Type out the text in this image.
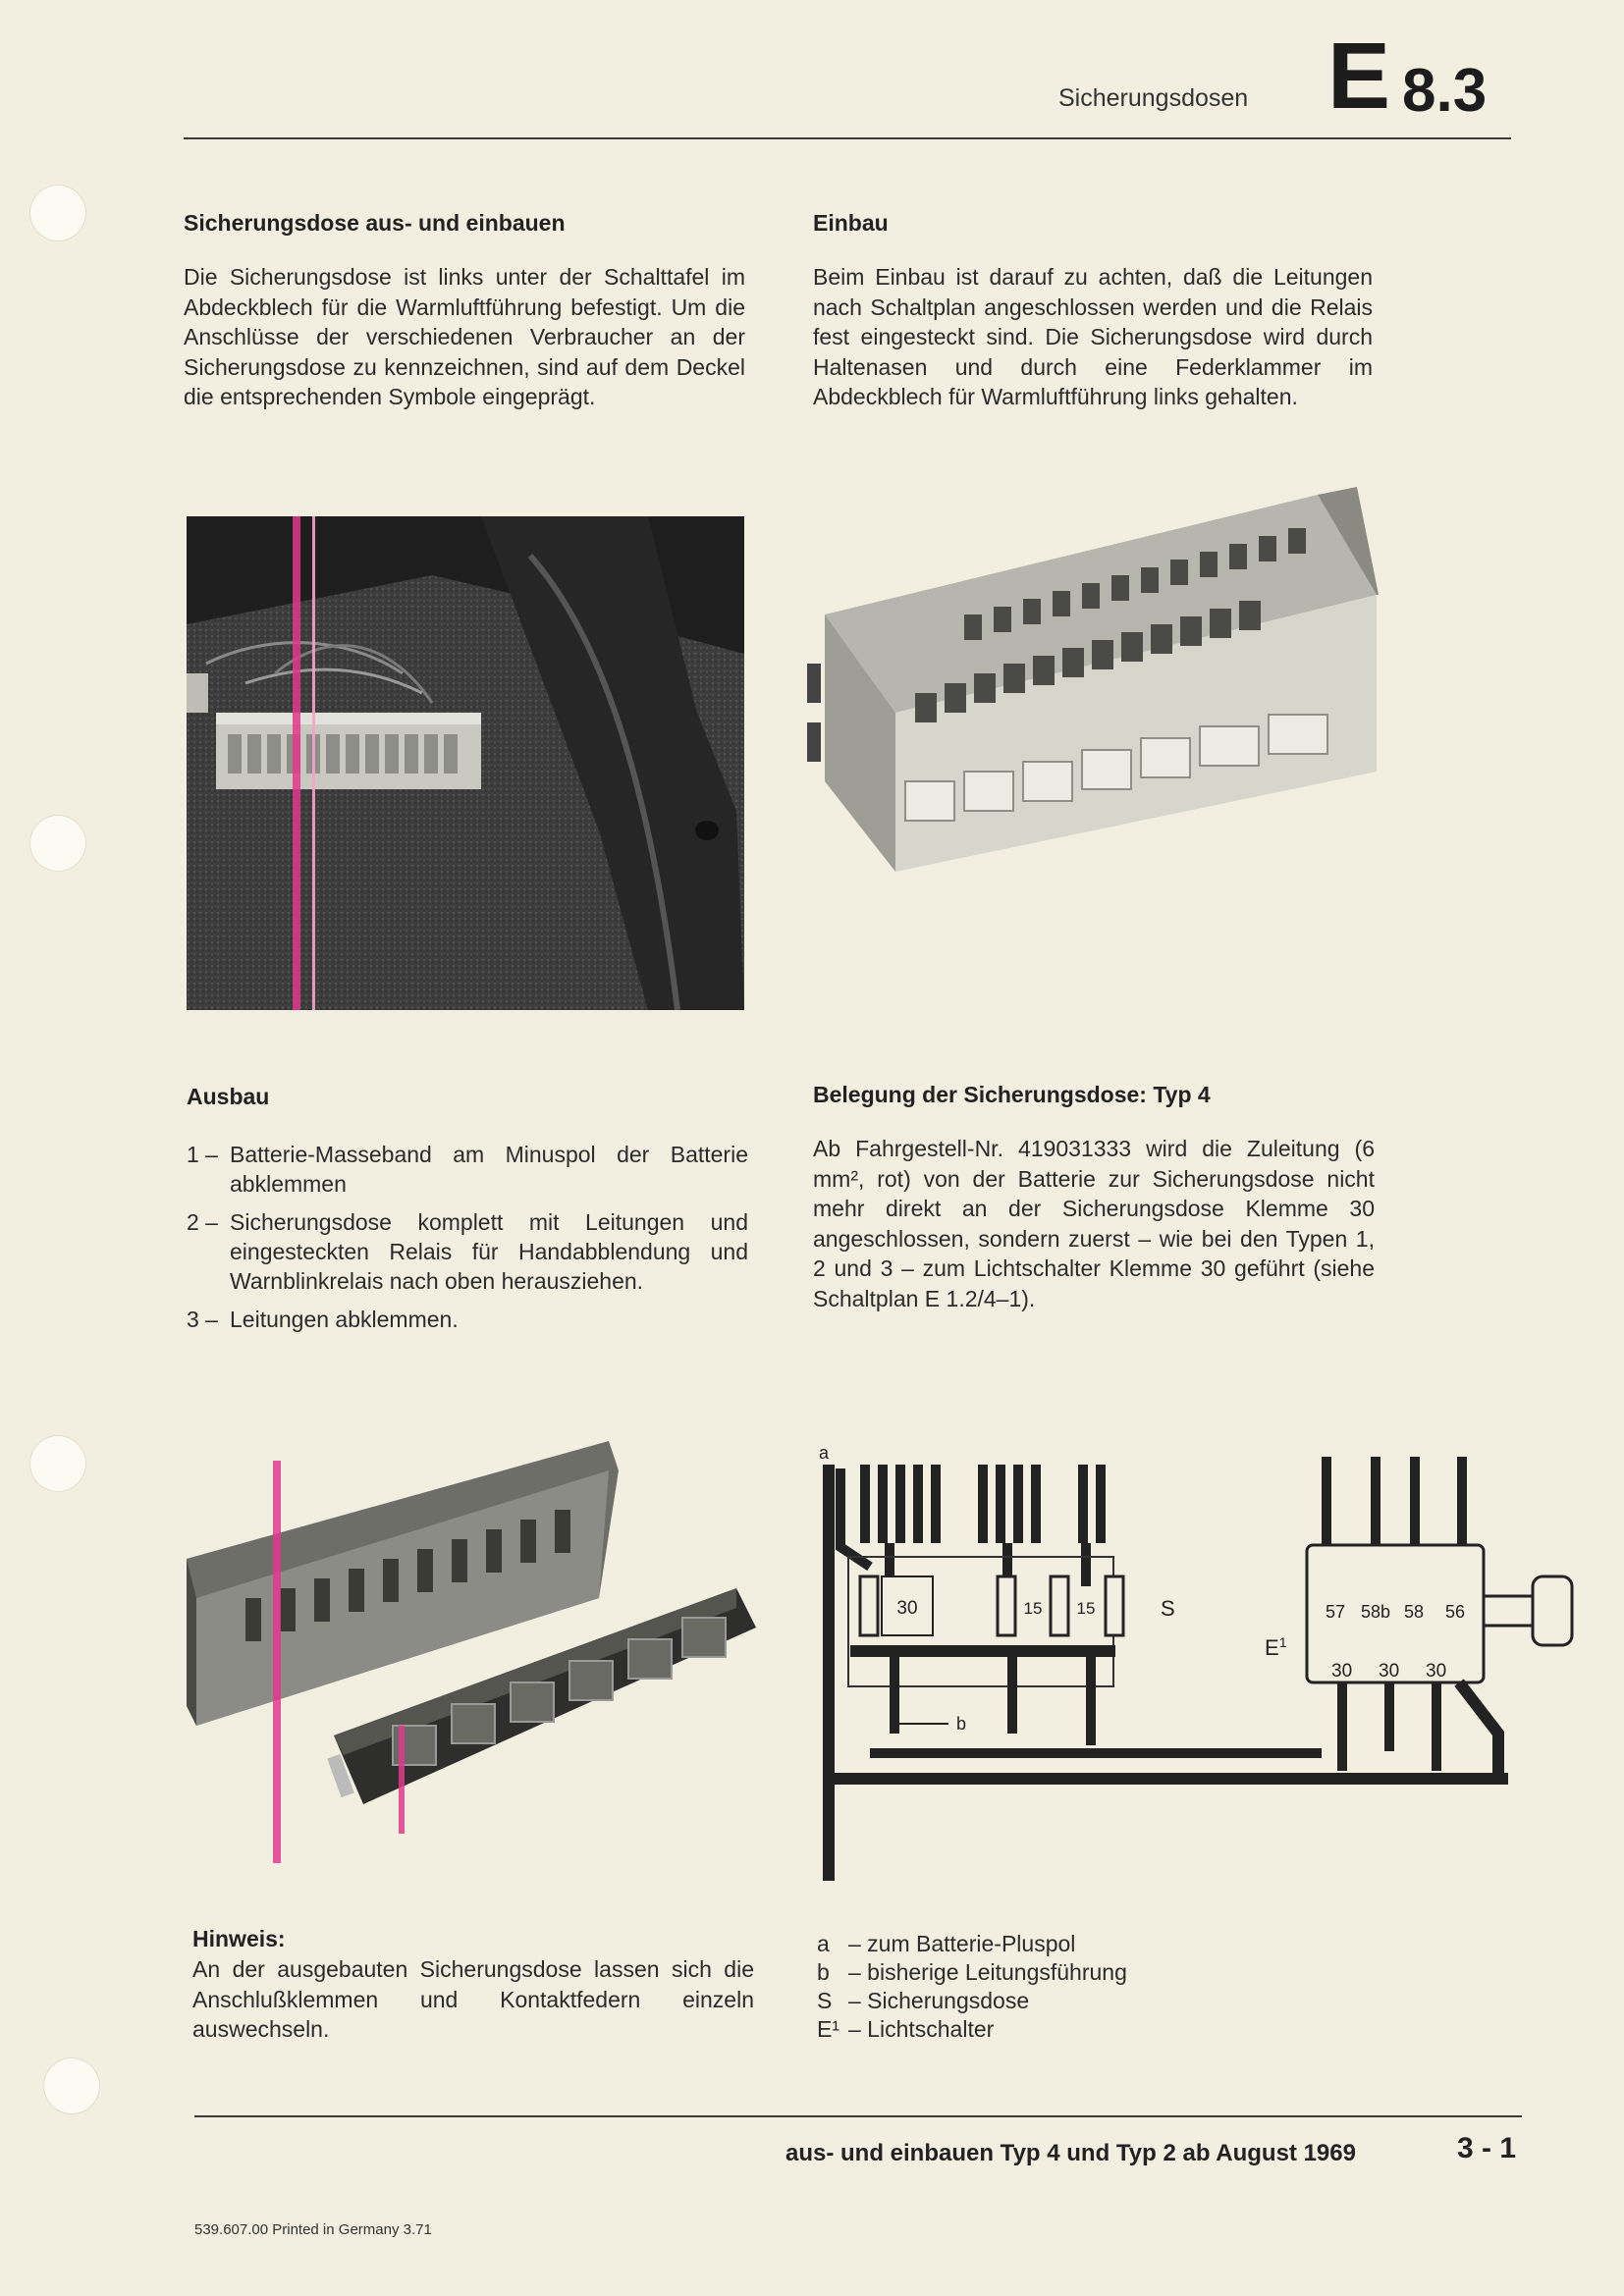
Sicherungsdosen E 8.3
Sicherungsdose aus- und einbauen
Die Sicherungsdose ist links unter der Schalttafel im Abdeckblech für die Warmluftführung befestigt. Um die Anschlüsse der verschiedenen Verbraucher an der Sicherungsdose zu kennzeichnen, sind auf dem Deckel die entsprechenden Symbole eingeprägt.
Einbau
Beim Einbau ist darauf zu achten, daß die Leitungen nach Schaltplan angeschlossen werden und die Relais fest eingesteckt sind. Die Sicherungsdose wird durch Haltenasen und durch eine Federklammer im Abdeckblech für Warmluftführung links gehalten.
Ausbau
1 – Batterie-Masseband am Minuspol der Batterie abklemmen
2 – Sicherungsdose komplett mit Leitungen und eingesteckten Relais für Handabblendung und Warnblinkrelais nach oben herausziehen.
3 – Leitungen abklemmen.
Belegung der Sicherungsdose: Typ 4
Ab Fahrgestell-Nr. 419031333 wird die Zuleitung (6 mm², rot) von der Batterie zur Sicherungsdose nicht mehr direkt an der Sicherungsdose Klemme 30 angeschlossen, sondern zuerst – wie bei den Typen 1, 2 und 3 – zum Lichtschalter Klemme 30 geführt (siehe Schaltplan E 1.2/4–1).
a
30	15 15	S
b
$E^1$
57 58b 58 56
30 30 30
a – zum Batterie-Pluspol
b – bisherige Leitungsführung
S – Sicherungsdose
E¹ – Lichtschalter
Hinweis:
An der ausgebauten Sicherungsdose lassen sich die Anschlußklemmen und Kontaktfedern einzeln auswechseln.
aus- und einbauen Typ 4 und Typ 2 ab August 1969	3 - 1
539.607.00 Printed in Germany 3.71
